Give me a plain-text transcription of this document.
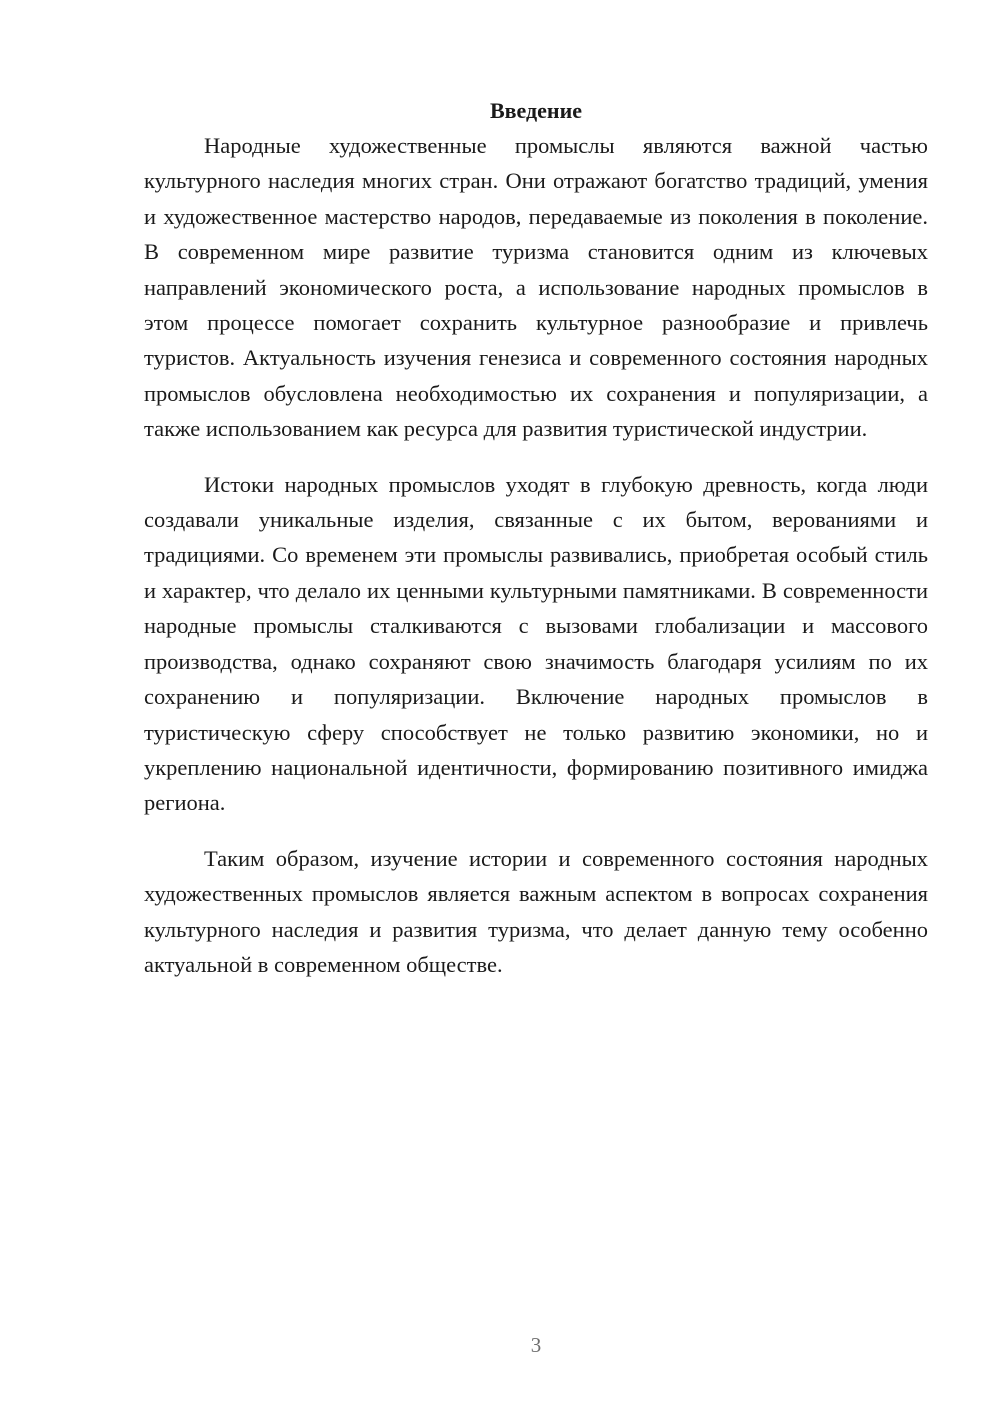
Введение

Народные художественные промыслы являются важной частью культурного наследия многих стран. Они отражают богатство традиций, умения и художественное мастерство народов, передаваемые из поколения в поколение. В современном мире развитие туризма становится одним из ключевых направлений экономического роста, а использование народных промыслов в этом процессе помогает сохранить культурное разнообразие и привлечь туристов. Актуальность изучения генезиса и современного состояния народных промыслов обусловлена необходимостью их сохранения и популяризации, а также использованием как ресурса для развития туристической индустрии.

Истоки народных промыслов уходят в глубокую древность, когда люди создавали уникальные изделия, связанные с их бытом, верованиями и традициями. Со временем эти промыслы развивались, приобретая особый стиль и характер, что делало их ценными культурными памятниками. В современности народные промыслы сталкиваются с вызовами глобализации и массового производства, однако сохраняют свою значимость благодаря усилиям по их сохранению и популяризации. Включение народных промыслов в туристическую сферу способствует не только развитию экономики, но и укреплению национальной идентичности, формированию позитивного имиджа региона.

Таким образом, изучение истории и современного состояния народных художественных промыслов является важным аспектом в вопросах сохранения культурного наследия и развития туризма, что делает данную тему особенно актуальной в современном обществе.

3
